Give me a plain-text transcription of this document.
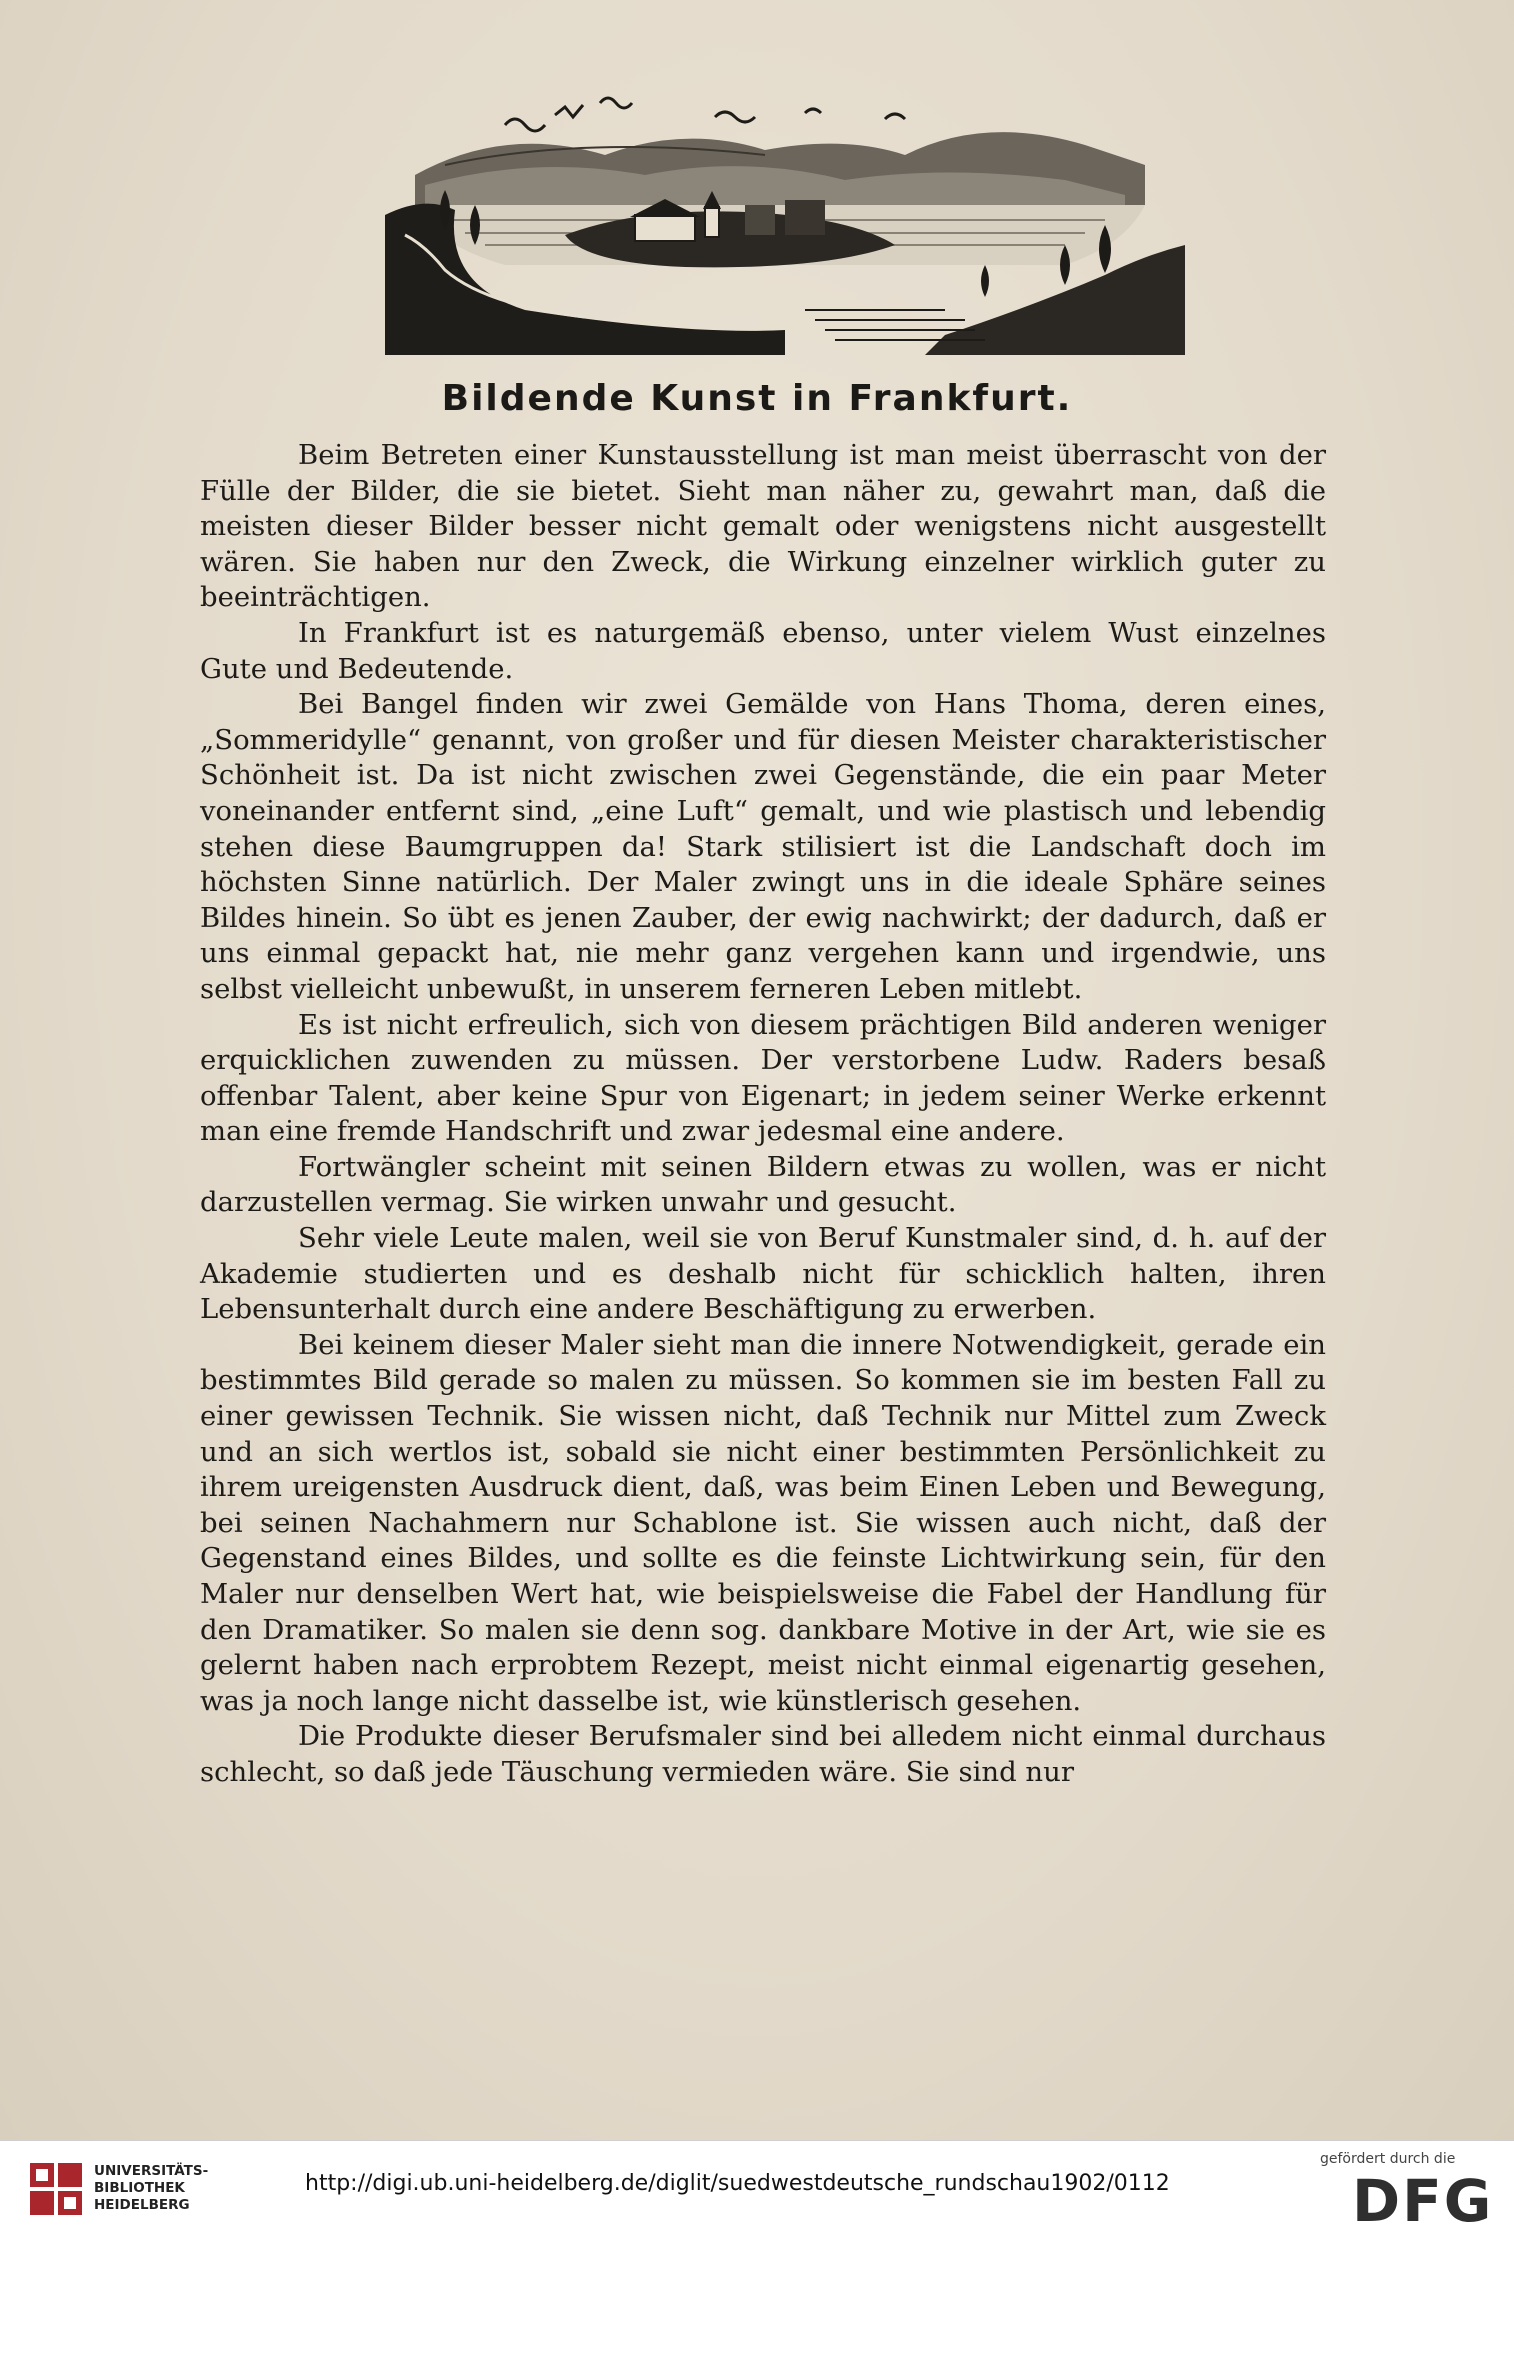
Bildende Kunst in Frankfurt.

Beim Betreten einer Kunstausstellung ist man meist überrascht von der Fülle der Bilder, die sie bietet. Sieht man näher zu, gewahrt man, daß die meisten dieser Bilder besser nicht gemalt oder wenigstens nicht ausgestellt wären. Sie haben nur den Zweck, die Wirkung einzelner wirklich guter zu beeinträchtigen.

In Frankfurt ist es naturgemäß ebenso, unter vielem Wust einzelnes Gute und Bedeutende.

Bei Bangel finden wir zwei Gemälde von Hans Thoma, deren eines, „Sommeridylle“ genannt, von großer und für diesen Meister charakteristischer Schönheit ist. Da ist nicht zwischen zwei Gegenstände, die ein paar Meter voneinander entfernt sind, „eine Luft“ gemalt, und wie plastisch und lebendig stehen diese Baumgruppen da! Stark stilisiert ist die Landschaft doch im höchsten Sinne natürlich. Der Maler zwingt uns in die ideale Sphäre seines Bildes hinein. So übt es jenen Zauber, der ewig nachwirkt; der dadurch, daß er uns einmal gepackt hat, nie mehr ganz vergehen kann und irgendwie, uns selbst vielleicht unbewußt, in unserem ferneren Leben mitlebt.

Es ist nicht erfreulich, sich von diesem prächtigen Bild anderen weniger erquicklichen zuwenden zu müssen. Der verstorbene Ludw. Raders besaß offenbar Talent, aber keine Spur von Eigenart; in jedem seiner Werke erkennt man eine fremde Handschrift und zwar jedesmal eine andere.

Fortwängler scheint mit seinen Bildern etwas zu wollen, was er nicht darzustellen vermag. Sie wirken unwahr und gesucht.

Sehr viele Leute malen, weil sie von Beruf Kunstmaler sind, d. h. auf der Akademie studierten und es deshalb nicht für schicklich halten, ihren Lebensunterhalt durch eine andere Beschäftigung zu erwerben.

Bei keinem dieser Maler sieht man die innere Notwendigkeit, gerade ein bestimmtes Bild gerade so malen zu müssen. So kommen sie im besten Fall zu einer gewissen Technik. Sie wissen nicht, daß Technik nur Mittel zum Zweck und an sich wertlos ist, sobald sie nicht einer bestimmten Persönlichkeit zu ihrem ureigensten Ausdruck dient, daß, was beim Einen Leben und Bewegung, bei seinen Nachahmern nur Schablone ist. Sie wissen auch nicht, daß der Gegenstand eines Bildes, und sollte es die feinste Lichtwirkung sein, für den Maler nur denselben Wert hat, wie beispielsweise die Fabel der Handlung für den Dramatiker. So malen sie denn sog. dankbare Motive in der Art, wie sie es gelernt haben nach erprobtem Rezept, meist nicht einmal eigenartig gesehen, was ja noch lange nicht dasselbe ist, wie künstlerisch gesehen.

Die Produkte dieser Berufsmaler sind bei alledem nicht einmal durchaus schlecht, so daß jede Täuschung vermieden wäre. Sie sind nur

UNIVERSITÄTS-
BIBLIOTHEK
HEIDELBERG
http://digi.ub.uni-heidelberg.de/diglit/suedwestdeutsche_rundschau1902/0112
gefördert durch die
DFG
